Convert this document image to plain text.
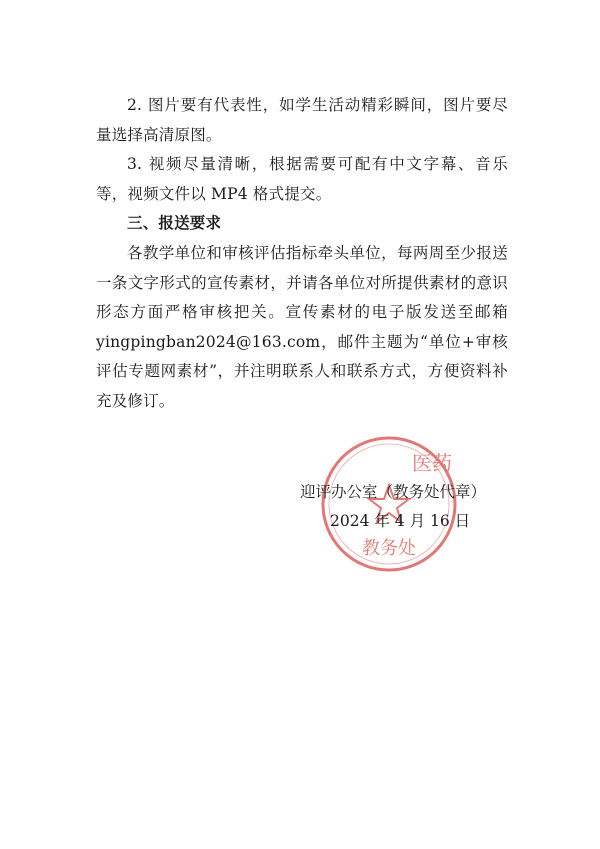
2. 图片要有代表性，如学生活动精彩瞬间，图片要尽量选择高清原图。

3. 视频尽量清晰，根据需要可配有中文字幕、音乐等，视频文件以 MP4 格式提交。

三、报送要求

各教学单位和审核评估指标牵头单位，每两周至少报送一条文字形式的宣传素材，并请各单位对所提供素材的意识形态方面严格审核把关。宣传素材的电子版发送至邮箱 yingpingban2024@163.com，邮件主题为“单位+审核评估专题网素材”，并注明联系人和联系方式，方便资料补充及修订。

医药
教务处
迎评办公室（教务处代章）
2024 年 4 月 16 日
